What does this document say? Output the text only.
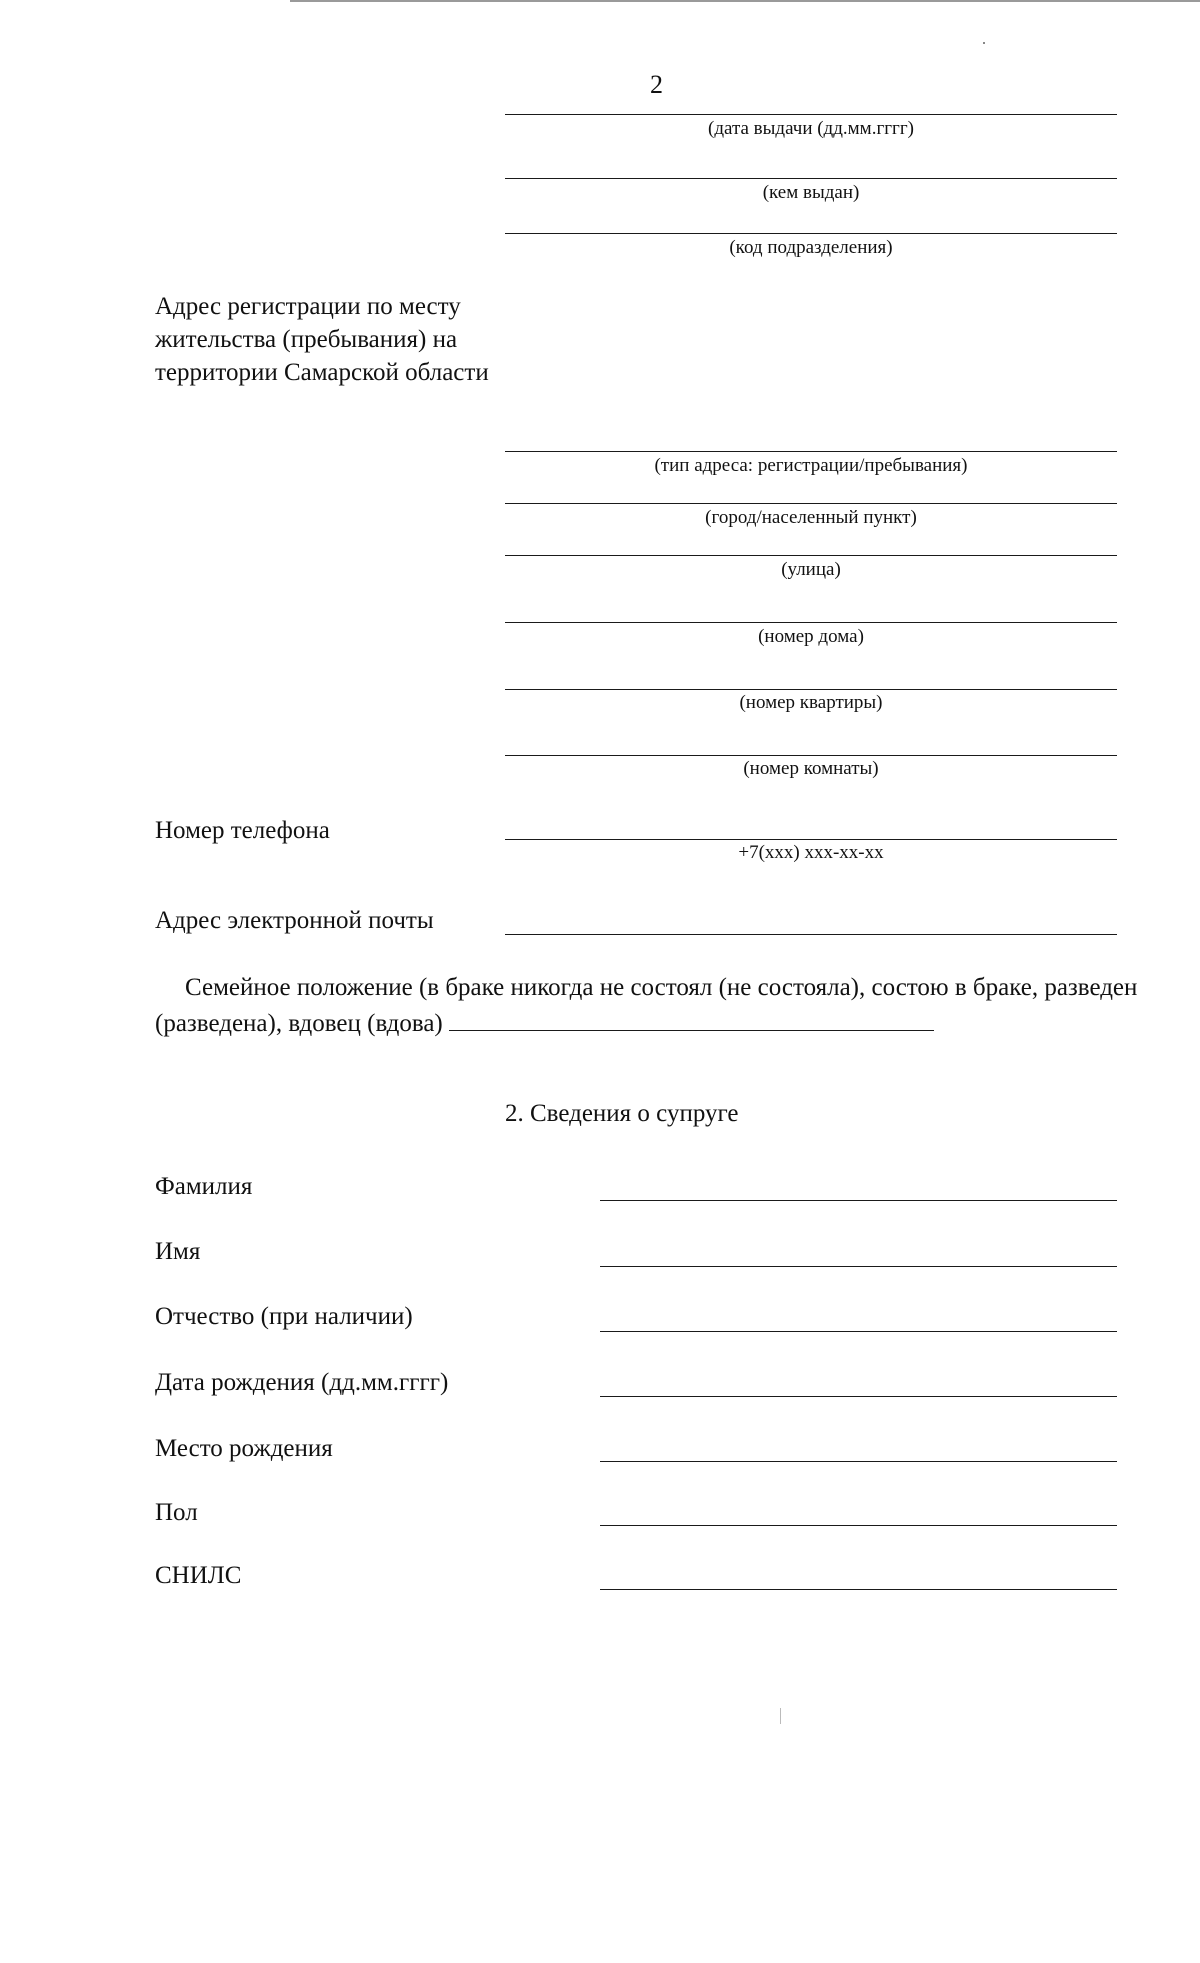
2
(дата выдачи (дд.мм.гггг)
(кем выдан)
(код подразделения)
Адрес регистрации по месту жительства (пребывания) на территории Самарской области
(тип адреса: регистрации/пребывания)
(город/населенный пункт)
(улица)
(номер дома)
(номер квартиры)
(номер комнаты)
Номер телефона
+7(ххх) ххх-хх-хх
Адрес электронной почты
Семейное положение (в браке никогда не состоял (не состояла), состою в браке, разведен (разведена), вдовец (вдова)
2. Сведения о супруге
Фамилия
Имя
Отчество (при наличии)
Дата рождения (дд.мм.гггг)
Место рождения
Пол
СНИЛС
